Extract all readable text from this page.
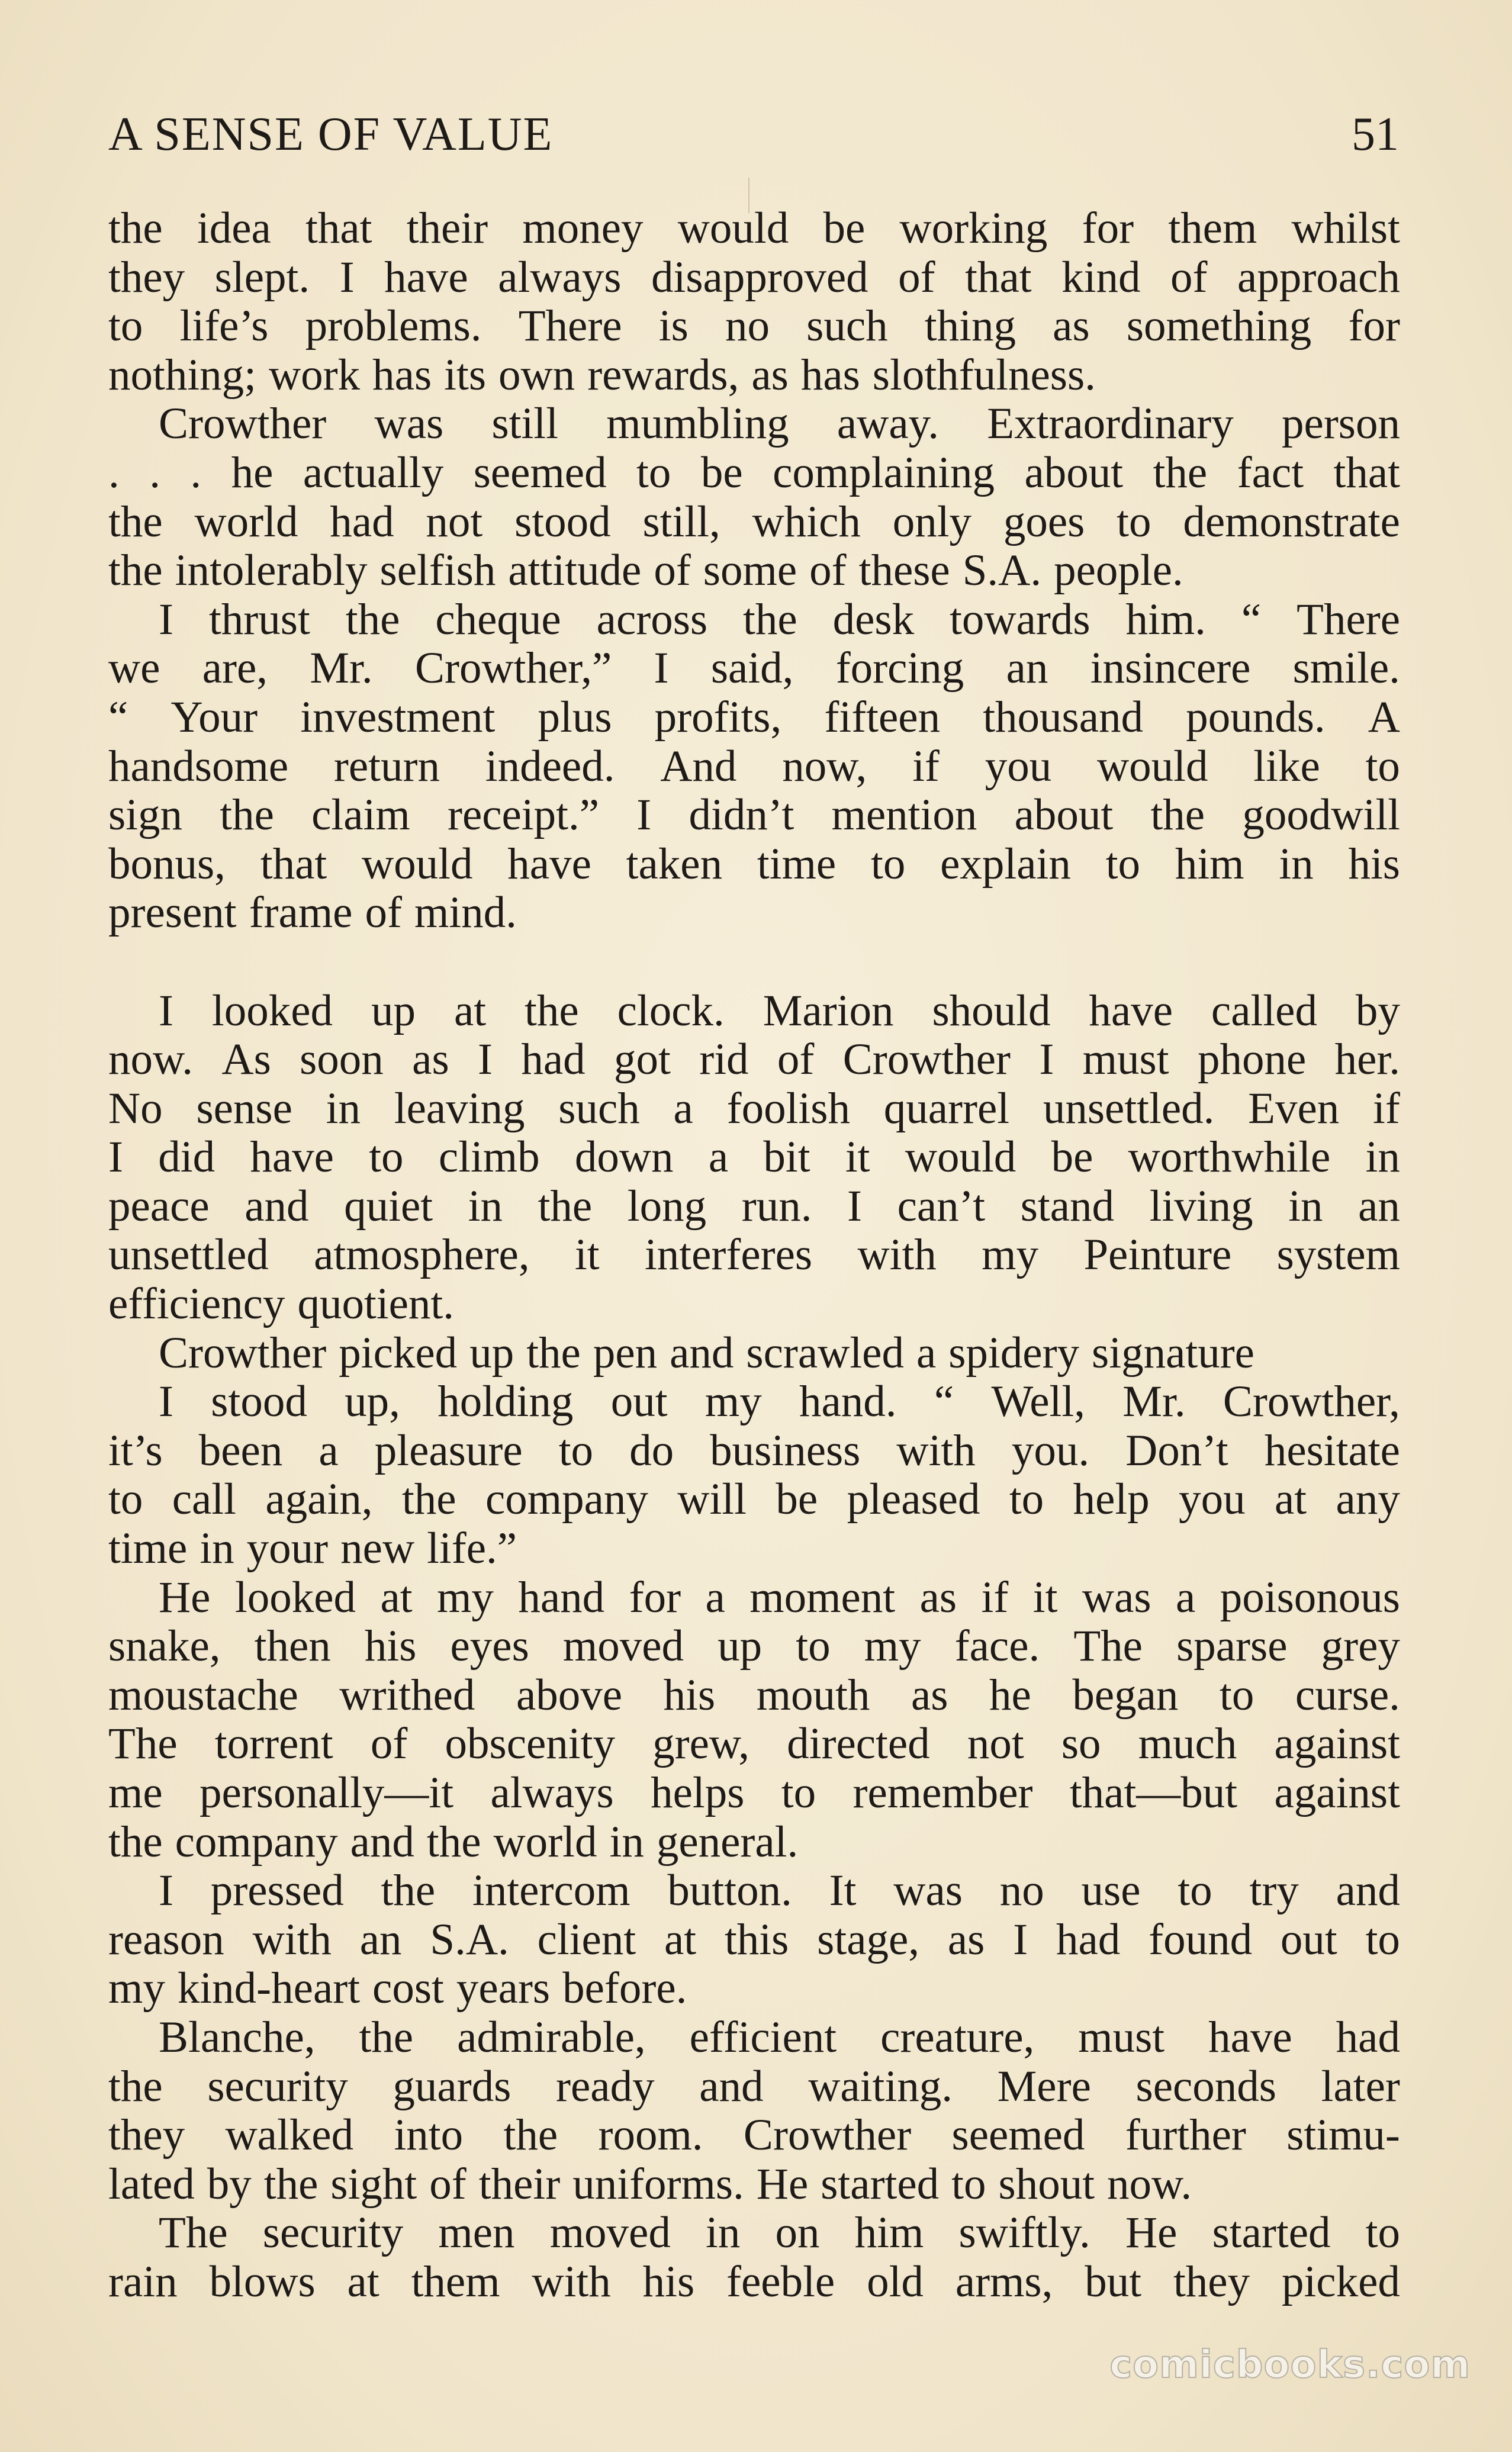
A SENSE OF VALUE	51
the idea that their money would be working for them whilst
they slept. I have always disapproved of that kind of approach
to life’s problems. There is no such thing as something for
nothing; work has its own rewards, as has slothfulness.
Crowther was still mumbling away. Extraordinary person
. . . he actually seemed to be complaining about the fact that
the world had not stood still, which only goes to demonstrate
the intolerably selfish attitude of some of these S.A. people.
I thrust the cheque across the desk towards him. “ There
we are, Mr. Crowther,” I said, forcing an insincere smile.
“ Your investment plus profits, fifteen thousand pounds. A
handsome return indeed. And now, if you would like to
sign the claim receipt.” I didn’t mention about the goodwill
bonus, that would have taken time to explain to him in his
present frame of mind.
I looked up at the clock. Marion should have called by
now. As soon as I had got rid of Crowther I must phone her.
No sense in leaving such a foolish quarrel unsettled. Even if
I did have to climb down a bit it would be worthwhile in
peace and quiet in the long run. I can’t stand living in an
unsettled atmosphere, it interferes with my Peinture system
efficiency quotient.
Crowther picked up the pen and scrawled a spidery signature
I stood up, holding out my hand. “ Well, Mr. Crowther,
it’s been a pleasure to do business with you. Don’t hesitate
to call again, the company will be pleased to help you at any
time in your new life.”
He looked at my hand for a moment as if it was a poisonous
snake, then his eyes moved up to my face. The sparse grey
moustache writhed above his mouth as he began to curse.
The torrent of obscenity grew, directed not so much against
me personally—it always helps to remember that—but against
the company and the world in general.
I pressed the intercom button. It was no use to try and
reason with an S.A. client at this stage, as I had found out to
my kind-heart cost years before.
Blanche, the admirable, efficient creature, must have had
the security guards ready and waiting. Mere seconds later
they walked into the room. Crowther seemed further stimu-
lated by the sight of their uniforms. He started to shout now.
The security men moved in on him swiftly. He started to
rain blows at them with his feeble old arms, but they picked
comicbooks.com
